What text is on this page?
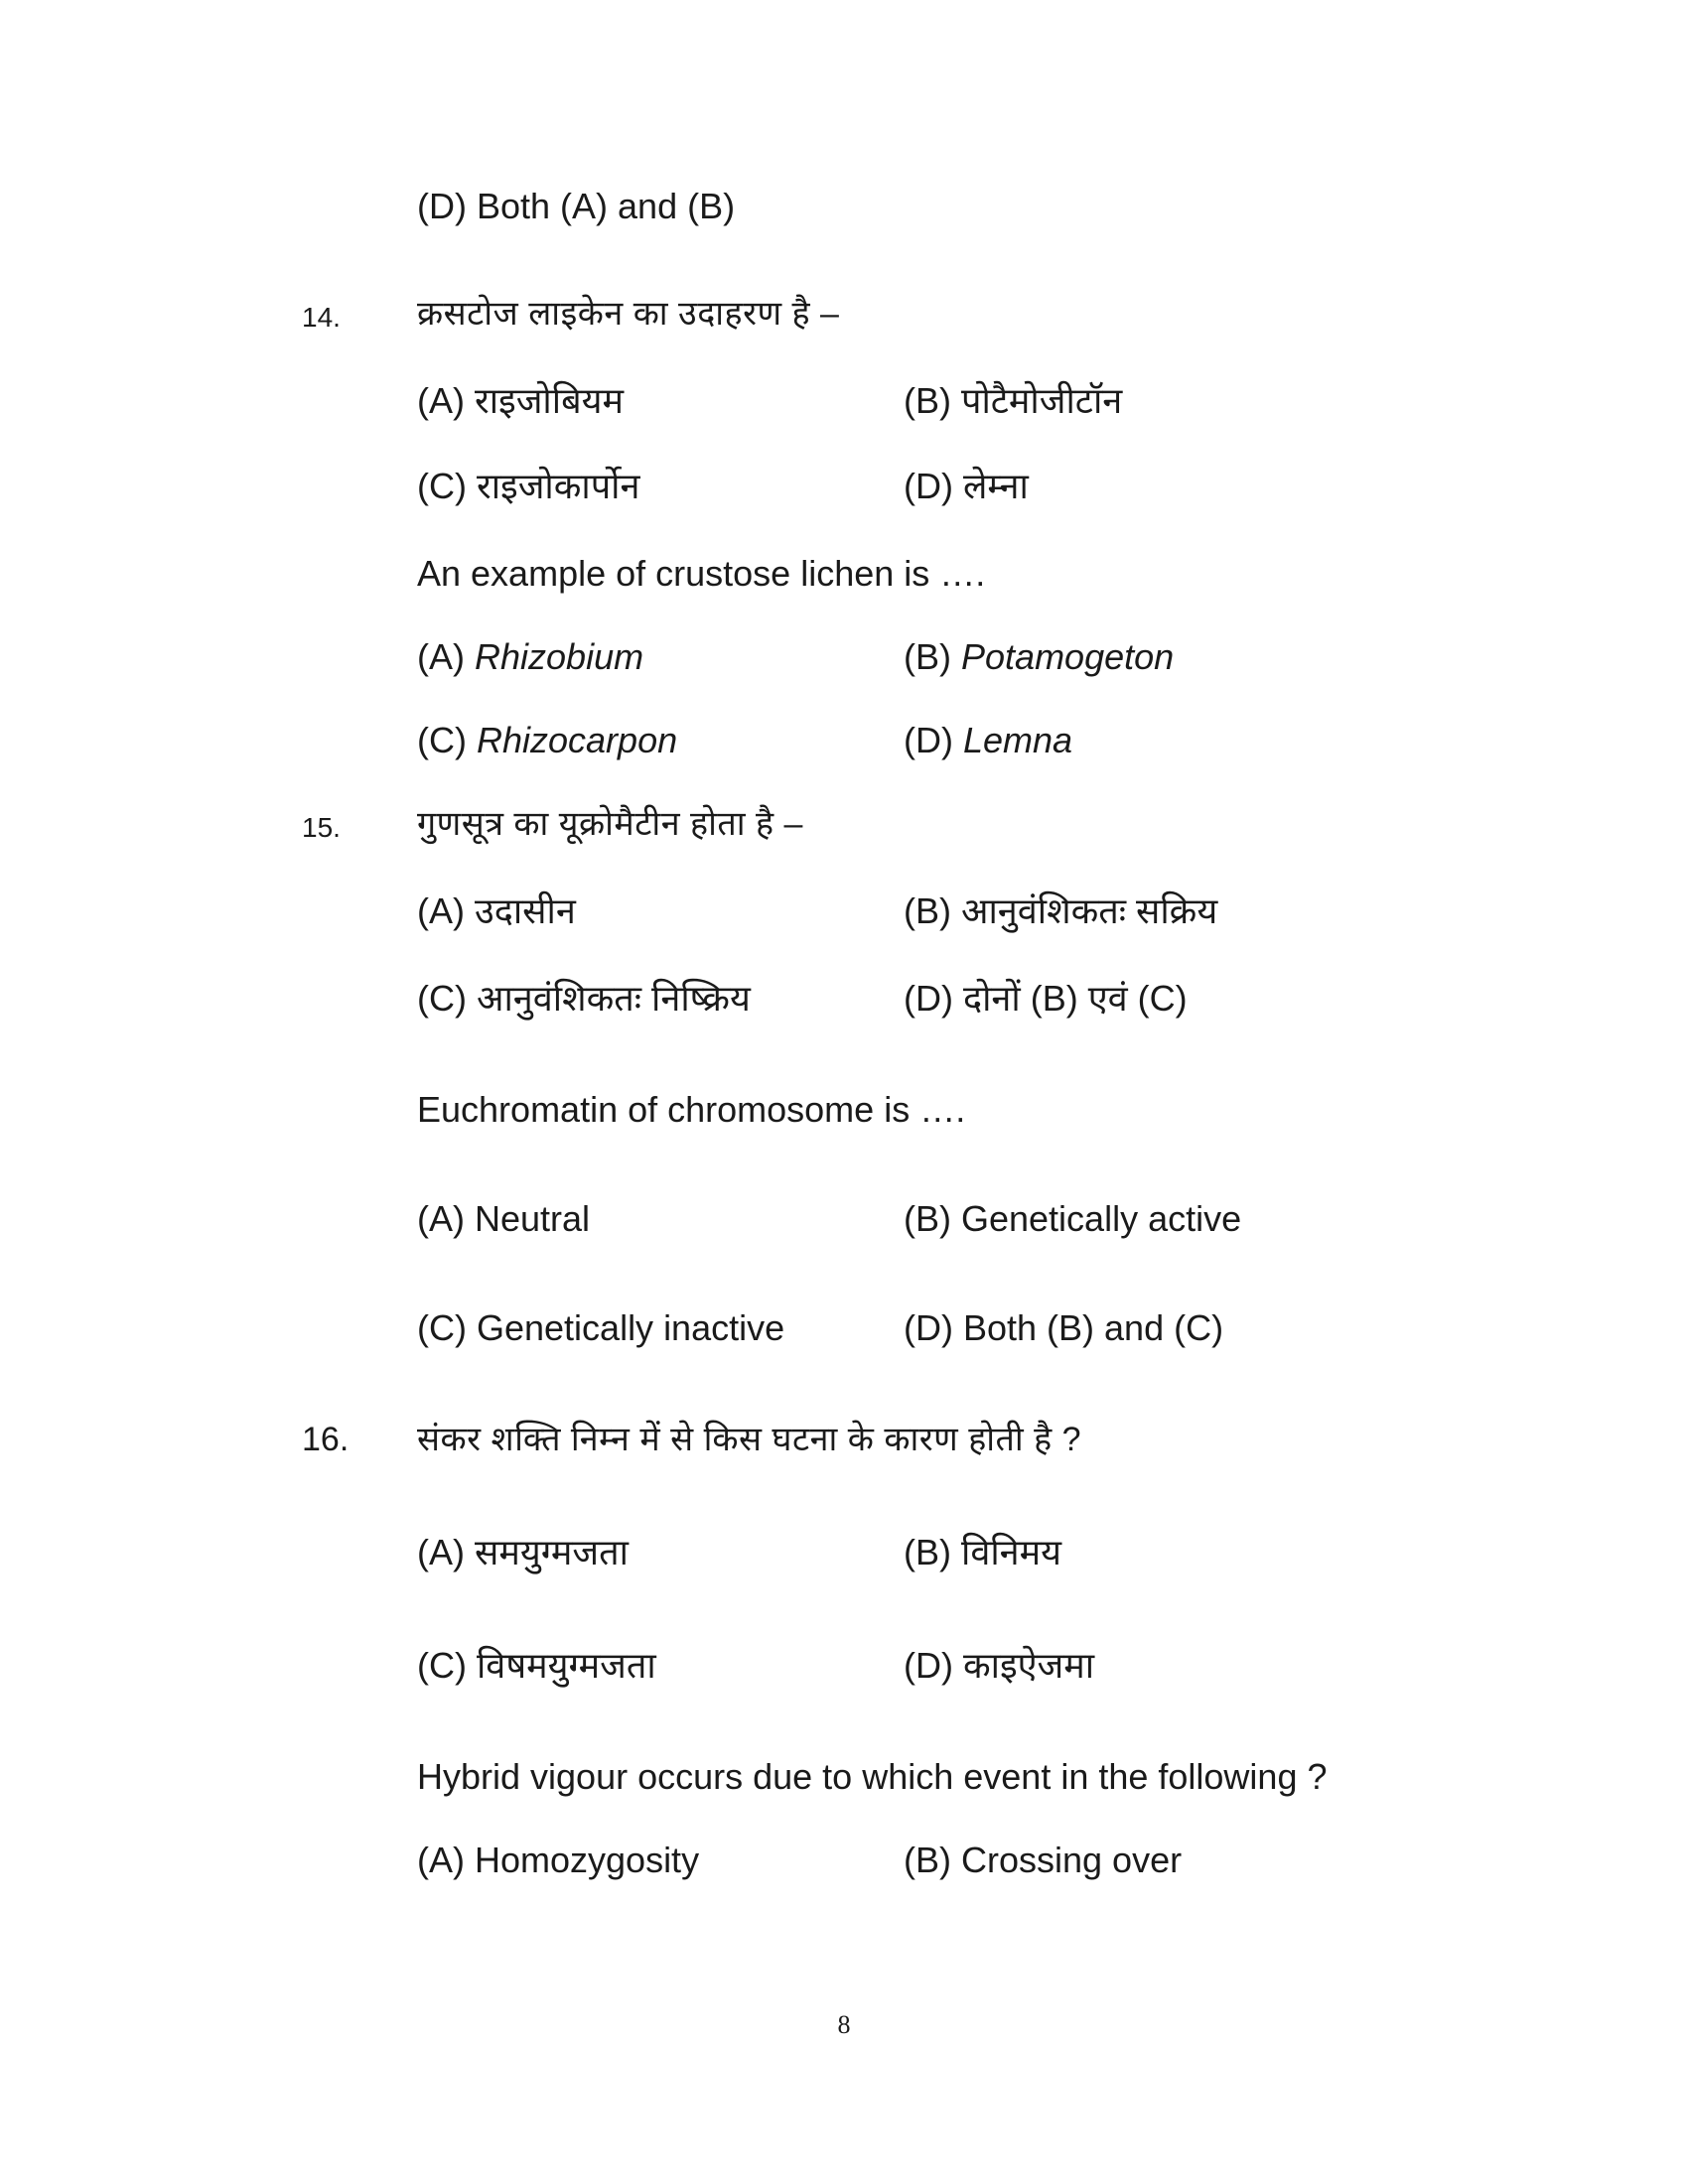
(D) Both (A) and (B)
14. क्रसटोज लाइकेन का उदाहरण है –
(A) राइजोबियम	(B) पोटैमोजीटॉन
(C) राइजोकार्पोन	(D) लेम्ना
An example of crustose lichen is ….
(A) Rhizobium	(B) Potamogeton
(C) Rhizocarpon	(D) Lemna
15. गुणसूत्र का यूक्रोमैटीन होता है –
(A) उदासीन	(B) आनुवंशिकतः सक्रिय
(C) आनुवंशिकतः निष्क्रिय	(D) दोनों (B) एवं (C)
Euchromatin of chromosome is ….
(A) Neutral	(B) Genetically active
(C) Genetically inactive	(D) Both (B) and (C)
16. संकर शक्ति निम्न में से किस घटना के कारण होती है ?
(A) समयुग्मजता	(B) विनिमय
(C) विषमयुग्मजता	(D) काइऐजमा
Hybrid vigour occurs due to which event in the following ?
(A) Homozygosity	(B) Crossing over
8
